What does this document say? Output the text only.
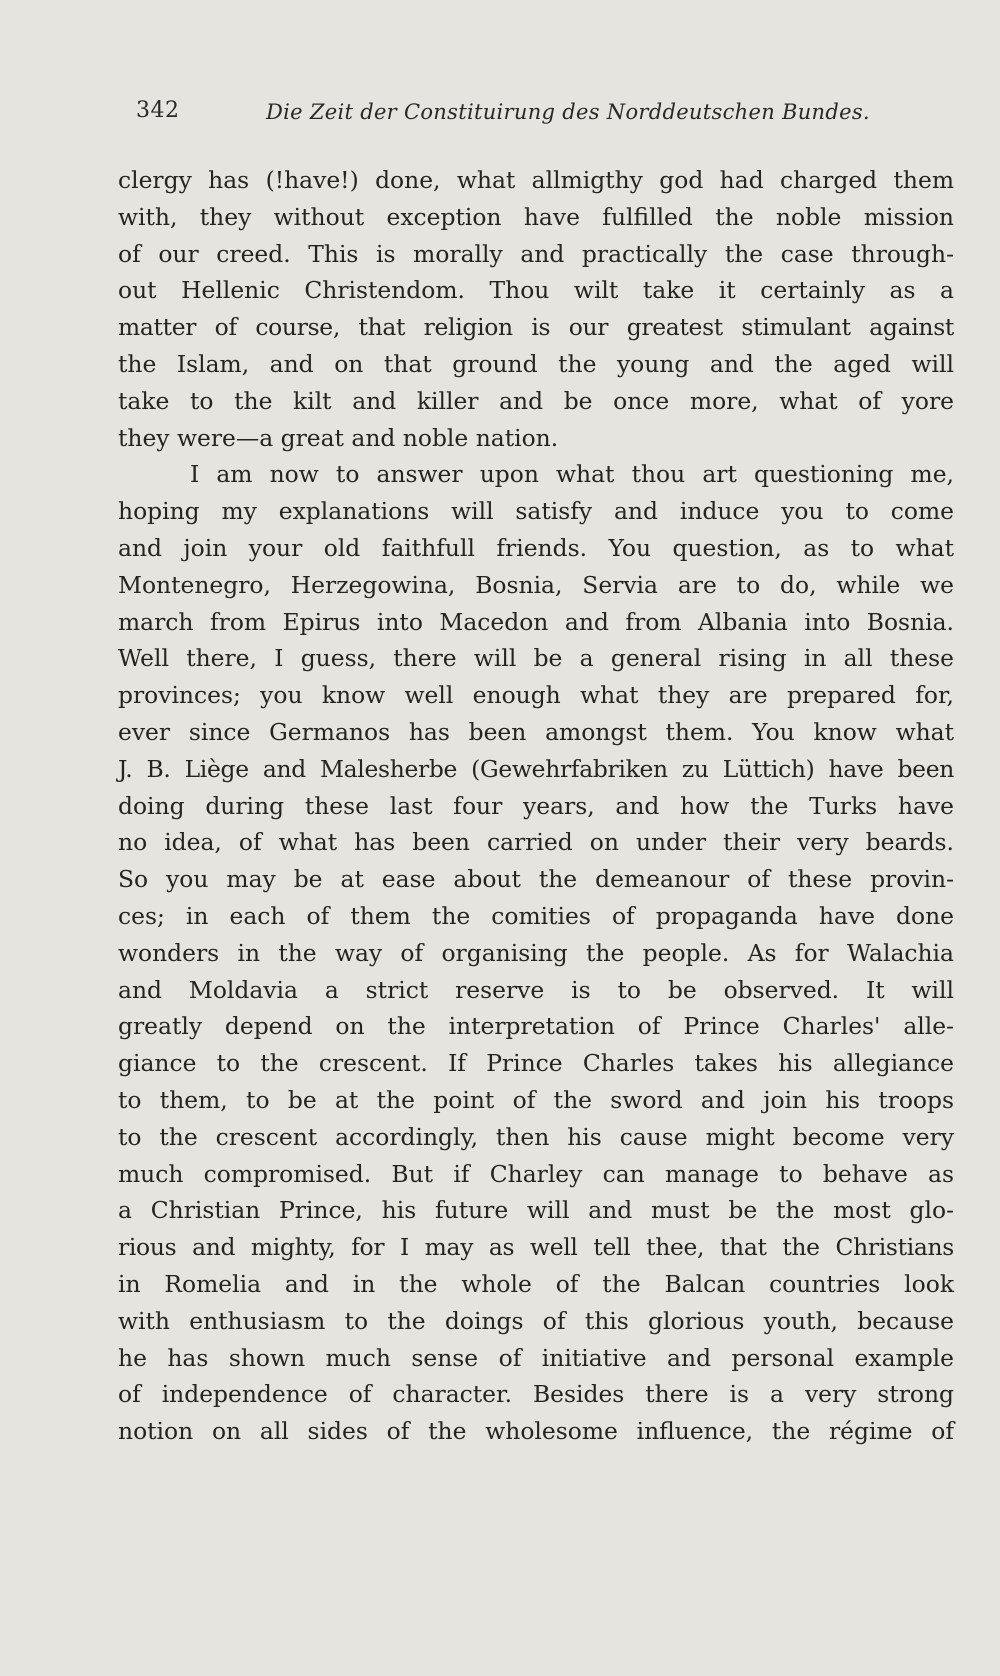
342	Die Zeit der Constituirung des Norddeutschen Bundes.
clergy has (!have!) done, what allmigthy god had charged them
with, they without exception have fulfilled the noble mission
of our creed. This is morally and practically the case through-
out Hellenic Christendom. Thou wilt take it certainly as a
matter of course, that religion is our greatest stimulant against
the Islam, and on that ground the young and the aged will
take to the kilt and killer and be once more, what of yore
they were—a great and noble nation.
I am now to answer upon what thou art questioning me,
hoping my explanations will satisfy and induce you to come
and join your old faithfull friends. You question, as to what
Montenegro, Herzegowina, Bosnia, Servia are to do, while we
march from Epirus into Macedon and from Albania into Bosnia.
Well there, I guess, there will be a general rising in all these
provinces; you know well enough what they are prepared for,
ever since Germanos has been amongst them. You know what
J. B. Liège and Malesherbe (Gewehrfabriken zu Lüttich) have been
doing during these last four years, and how the Turks have
no idea, of what has been carried on under their very beards.
So you may be at ease about the demeanour of these provin-
ces; in each of them the comities of propaganda have done
wonders in the way of organising the people. As for Walachia
and Moldavia a strict reserve is to be observed. It will
greatly depend on the interpretation of Prince Charles' alle-
giance to the crescent. If Prince Charles takes his allegiance
to them, to be at the point of the sword and join his troops
to the crescent accordingly, then his cause might become very
much compromised. But if Charley can manage to behave as
a Christian Prince, his future will and must be the most glo-
rious and mighty, for I may as well tell thee, that the Christians
in Romelia and in the whole of the Balcan countries look
with enthusiasm to the doings of this glorious youth, because
he has shown much sense of initiative and personal example
of independence of character. Besides there is a very strong
notion on all sides of the wholesome influence, the régime of
